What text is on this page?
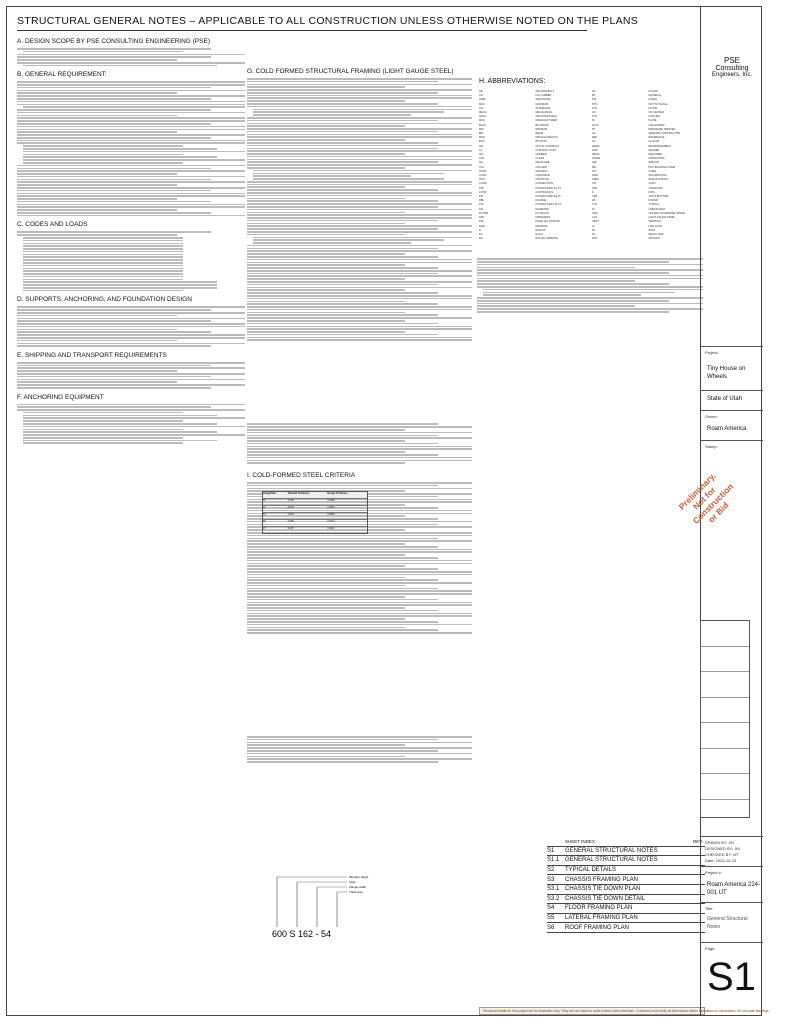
STRUCTURAL GENERAL NOTES – APPLICABLE TO ALL CONSTRUCTION UNLESS OTHERWISE NOTED ON THE PLANS
A. DESIGN SCOPE BY PSE CONSULTING ENGINEERING (PSE)
B. GENERAL REQUIREMENT:
C. CODES AND LOADS
D. SUPPORTS, ANCHORING, AND FOUNDATION DESIGN
E. SHIPPING AND TRANSPORT REQUIREMENTS
F. ANCHORING EQUIPMENT
G. COLD FORMED STRUCTURAL FRAMING (LIGHT GAUGE STEEL)
I. COLD-FORMED STEEL CRITERIA
Gauge/Size	Nominal Thickness	Design Thickness
33	0.033	0.0346
43	0.043	0.0451
54	0.054	0.0566
68	0.068	0.0713
97	0.097	0.1017
Member depth
Style
Flange width
Thickness
600 S 162 - 54
H. ABBREVIATIONS:
AB	ANCHOR BOLT	FG	FOUND.
LVL	LVL LUMBER	MT	MATERIAL
ADDL	ADDITIONAL	FIN	FINISH
MAX	MAXIMUM	NTS	NOT TO SCALE
ALT	ALTERNATE	FLR	FLOOR
MECH	MECHANICAL	OC	ON CENTER
ARCH	ARCHITECTURAL	FTG	FOOTING
MFR	MANUFACTURER	PL	PLATE
BLKG	BLOCKING	GALV	GALVANIZED
MIN	MINIMUM	PT	PRESSURE TREATED
BM	BEAM	GC	GENERAL CONTRACTOR
MISC	MISCELLANEOUS	REF	REFERENCE
BOT	BOTTOM	GL	GLULAM
NIC	NOT IN CONTRACT	REINF	REINFORCEMENT
CJ	CONTROL JOINT	HDR	HEADER
NO	NUMBER	REQD	REQUIRED
CLR	CLEAR	HORIZ	HORIZONTAL
NS	NEAR SIDE	SIM	SIMILAR
COL	COLUMN	IBC	INTL BUILDING CODE
OPNG	OPENING	STL	STEEL
CONC	CONCRETE	INFO	INFORMATION
OPP	OPPOSITE	SPEC	SPECIFICATION
CONN	CONNECTION	JST	JOIST
PSF	POUNDS PER SQ FT	STD	STANDARD
CONT	CONTINUOUS	K	KIPS
PSI	POUNDS PER SQ IN	T&B	TOP & BOTTOM
DBL	DOUBLE	LB	POUND
PLF	POUNDS PER LIN FT	TYP	TYPICAL
DIA	DIAMETER	LF	LINEAR FEET
PLYWD	PLYWOOD	UNO	UNLESS OTHERWISE NOTED
DIM	DIMENSION	LGS	LIGHT GAUGE STEEL
PSL	PARALLEL STRAND	VERT	VERTICAL
DWG	DRAWING	LL	LIVE LOAD
R	RADIUS	W/	WITH
EA	EACH	DL	DEAD LOAD
RO	ROUGH OPENING	W/O	WITHOUT
SHEET INDEX:	REV.
S1	GENERAL STRUCTURAL NOTES
S1.1 GENERAL STRUCTURAL NOTES
S2	TYPICAL DETAILS
S3	CHASSIS FRAMING PLAN
S3.1 CHASSIS TIE DOWN PLAN
S3.2 CHASSIS TIE DOWN DETAIL
S4	FLOOR FRAMING PLAN
S5	LATERAL FRAMING PLAN
S6	ROOF FRAMING PLAN
Structural details for this project are for illustration only. They are not drawn to scale unless noted otherwise. Contractor must verify all dimensions before fabrication or construction. Do not scale drawings.
PSE
Consulting
Engineers, Inc.
Project:
Tiny House on Wheels
State of Utah
Owner:
Roam America
Stamp:
DRAWN BY: JM
DESIGNED BY: JM
CHECKED BY: NT
Date: 2024-10-23
Project #:
Roam America 224-001 UT
Title:
General Structural Notes
Page:
S1
Preliminary, Not for Construction or Bid
